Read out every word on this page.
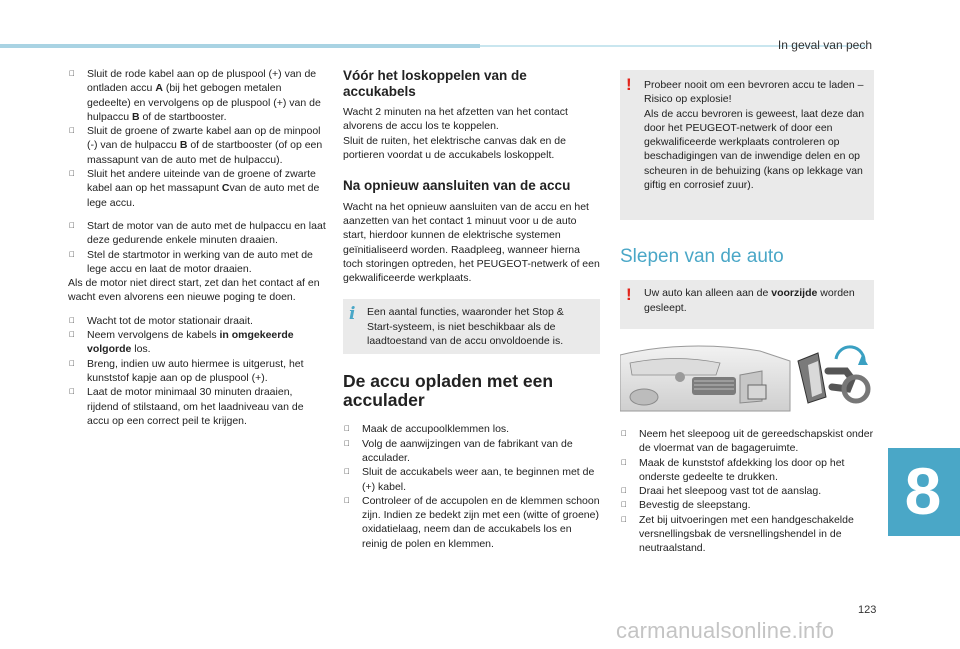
In geval van pech
8
Sluit de rode kabel aan op de pluspool (+) van de ontladen accu A (bij het gebogen metalen gedeelte) en vervolgens op de pluspool (+) van de hulpaccu B of de startbooster.
Sluit de groene of zwarte kabel aan op de minpool (-) van de hulpaccu B of de startbooster (of op een massapunt van de auto met de hulpaccu).
Sluit het andere uiteinde van de groene of zwarte kabel aan op het massapunt Cvan de auto met de lege accu.
Start de motor van de auto met de hulpaccu en laat deze gedurende enkele minuten draaien.
Stel de startmotor in werking van de auto met de lege accu en laat de motor draaien.

Als de motor niet direct start, zet dan het contact af en wacht even alvorens een nieuwe poging te doen.

Wacht tot de motor stationair draait.
Neem vervolgens de kabels in omgekeerde volgorde los.
Breng, indien uw auto hiermee is uitgerust, het kunststof kapje aan op de pluspool (+).
Laat de motor minimaal 30 minuten draaien, rijdend of stilstaand, om het laadniveau van de accu op een correct peil te krijgen.
Vóór het loskoppelen van de accukabels

Wacht 2 minuten na het afzetten van het contact alvorens de accu los te koppelen.

Sluit de ruiten, het elektrische canvas dak en de portieren voordat u de accukabels loskoppelt.

Na opnieuw aansluiten van de accu

Wacht na het opnieuw aansluiten van de accu en het aanzetten van het contact 1 minuut voor u de auto start, hierdoor kunnen de elektrische systemen geïnitialiseerd worden. Raadpleeg, wanneer hierna toch storingen optreden, het PEUGEOT-netwerk of een gekwalificeerde werkplaats.

i Een aantal functies, waaronder het Stop & Start-systeem, is niet beschikbaar als de laadtoestand van de accu onvoldoende is.

De accu opladen met een acculader
Maak de accupoolklemmen los.
Volg de aanwijzingen van de fabrikant van de acculader.
Sluit de accukabels weer aan, te beginnen met de (+) kabel.
Controleer of de accupolen en de klemmen schoon zijn. Indien ze bedekt zijn met een (witte of groene) oxidatielaag, neem dan de accukabels los en reinig de polen en klemmen.
! Probeer nooit om een bevroren accu te laden – Risico op explosie!

Als de accu bevroren is geweest, laat deze dan door het PEUGEOT-netwerk of door een gekwalificeerde werkplaats controleren op beschadigingen van de inwendige delen en op scheuren in de behuizing (kans op lekkage van giftig en corrosief zuur).

Slepen van de auto
! Uw auto kan alleen aan de voorzijde worden gesleept.

Neem het sleepoog uit de gereedschapskist onder de vloermat van de bagageruimte.
Maak de kunststof afdekking los door op het onderste gedeelte te drukken.
Draai het sleepoog vast tot de aanslag.
Bevestig de sleepstang.
Zet bij uitvoeringen met een handgeschakelde versnellingsbak de versnellingshendel in de neutraalstand.
123
carmanualsonline.info
